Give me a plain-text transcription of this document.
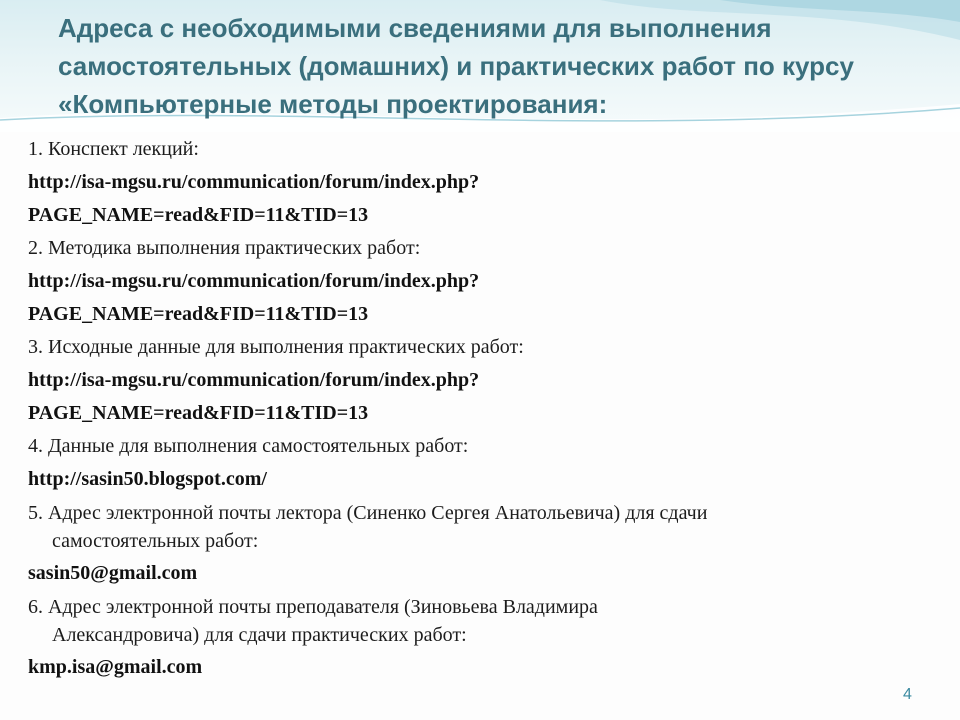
Адреса с необходимыми сведениями для выполнения самостоятельных (домашних) и практических работ по курсу «Компьютерные методы проектирования:

1. Конспект лекций:

http://isa-mgsu.ru/communication/forum/index.php?

PAGE_NAME=read&FID=11&TID=13

2. Методика выполнения практических работ:

http://isa-mgsu.ru/communication/forum/index.php?

PAGE_NAME=read&FID=11&TID=13

3. Исходные данные для выполнения практических работ:

http://isa-mgsu.ru/communication/forum/index.php?

PAGE_NAME=read&FID=11&TID=13

4. Данные для выполнения самостоятельных работ:

http://sasin50.blogspot.com/

5. Адрес электронной почты лектора (Синенко Сергея Анатольевича) для сдачи
самостоятельных работ:

sasin50@gmail.com

6. Адрес электронной почты преподавателя (Зиновьева Владимира
Александровича) для сдачи практических работ:

kmp.isa@gmail.com

4
